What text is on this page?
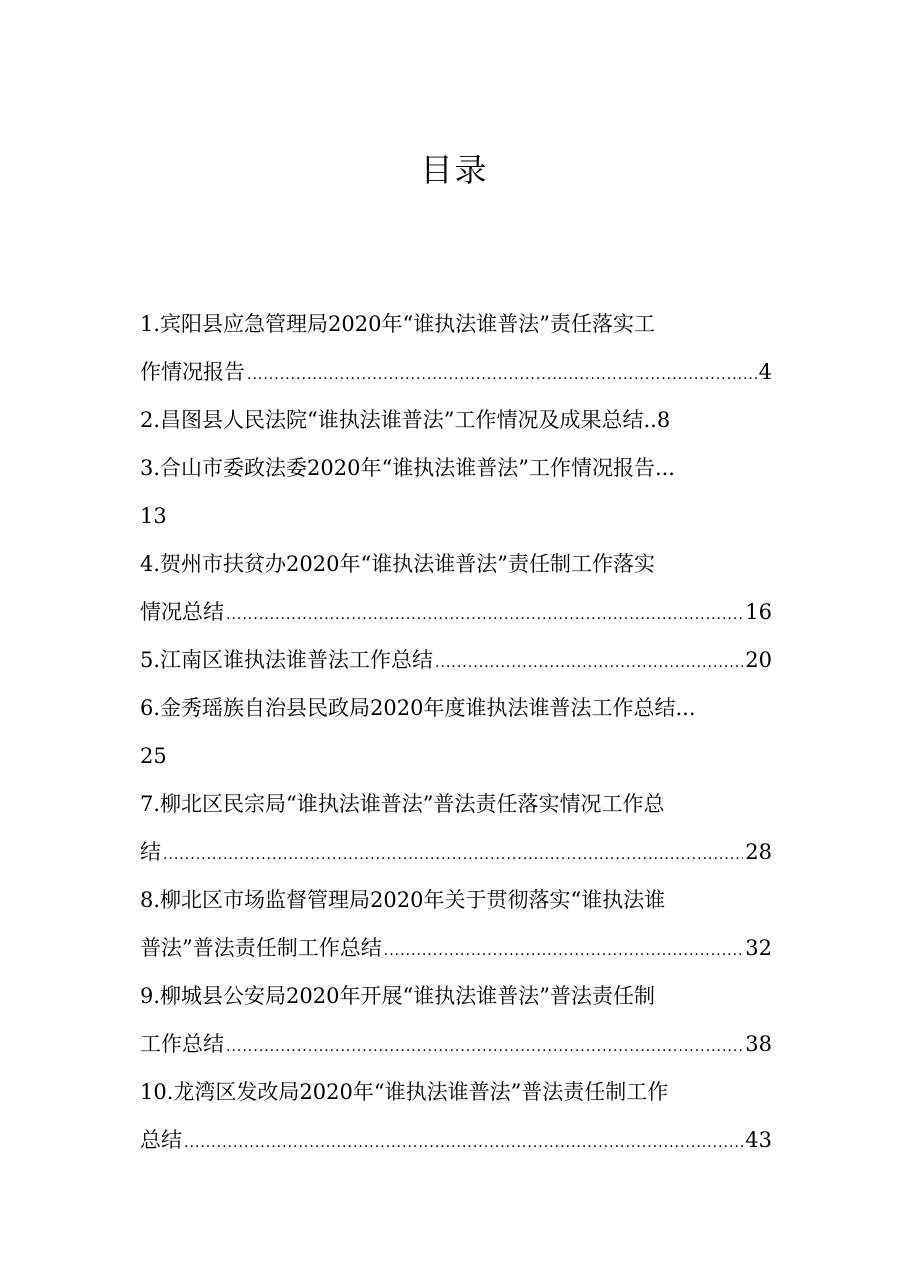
目录
1.宾阳县应急管理局2020年“谁执法谁普法”责任落实工
作情况报告 .....	4
2.昌图县人民法院“谁执法谁普法”工作情况及成果总结..8
3.合山市委政法委2020年“谁执法谁普法”工作情况报告...
13
4.贺州市扶贫办2020年“谁执法谁普法”责任制工作落实
情况总结 .....	16
5.江南区谁执法谁普法工作总结 .....	20
6.金秀瑶族自治县民政局2020年度谁执法谁普法工作总结...
25
7.柳北区民宗局“谁执法谁普法”普法责任落实情况工作总
结 .....	28
8.柳北区市场监督管理局2020年关于贯彻落实“谁执法谁
普法”普法责任制工作总结 .....	32
9.柳城县公安局2020年开展“谁执法谁普法”普法责任制
工作总结 .....	38
10.龙湾区发改局2020年“谁执法谁普法”普法责任制工作
总结 .....	43
